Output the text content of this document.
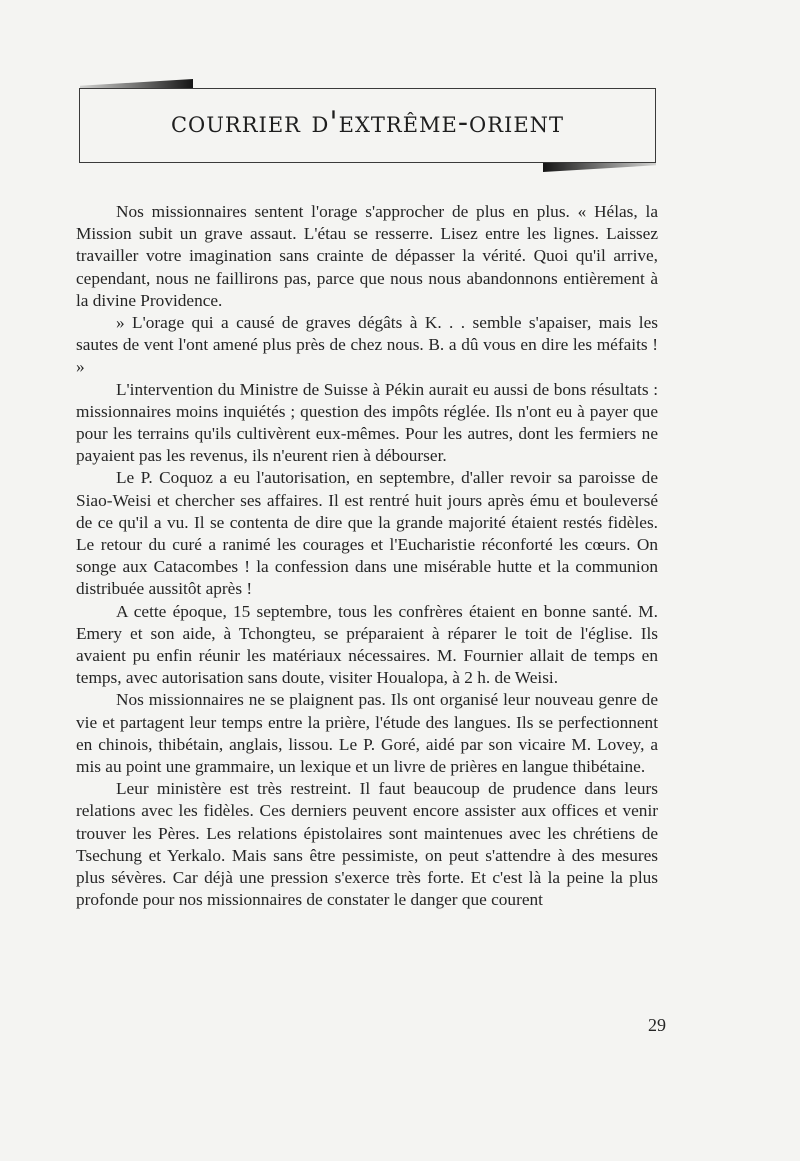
courrier d'extrême-orient

Nos missionnaires sentent l'orage s'approcher de plus en plus. « Hélas, la Mission subit un grave assaut. L'étau se resserre. Lisez entre les lignes. Laissez travailler votre imagination sans crainte de dépasser la vérité. Quoi qu'il arrive, cependant, nous ne faillirons pas, parce que nous nous abandonnons entièrement à la divine Providence.

» L'orage qui a causé de graves dégâts à K. . . semble s'apaiser, mais les sautes de vent l'ont amené plus près de chez nous. B. a dû vous en dire les méfaits ! »

L'intervention du Ministre de Suisse à Pékin aurait eu aussi de bons résultats : missionnaires moins inquiétés ; question des impôts réglée. Ils n'ont eu à payer que pour les terrains qu'ils cultivèrent eux-mêmes. Pour les autres, dont les fermiers ne payaient pas les revenus, ils n'eurent rien à débourser.

Le P. Coquoz a eu l'autorisation, en septembre, d'aller revoir sa paroisse de Siao-Weisi et chercher ses affaires. Il est rentré huit jours après ému et bouleversé de ce qu'il a vu. Il se contenta de dire que la grande majorité étaient restés fidèles. Le retour du curé a ranimé les courages et l'Eucharistie réconforté les cœurs. On songe aux Catacombes ! la confession dans une misérable hutte et la communion distribuée aussitôt après !

A cette époque, 15 septembre, tous les confrères étaient en bonne santé. M. Emery et son aide, à Tchongteu, se préparaient à réparer le toit de l'église. Ils avaient pu enfin réunir les matériaux nécessaires. M. Fournier allait de temps en temps, avec autorisation sans doute, visiter Houalopa, à 2 h. de Weisi.

Nos missionnaires ne se plaignent pas. Ils ont organisé leur nouveau genre de vie et partagent leur temps entre la prière, l'étude des langues. Ils se perfectionnent en chinois, thibétain, anglais, lissou. Le P. Goré, aidé par son vicaire M. Lovey, a mis au point une grammaire, un lexique et un livre de prières en langue thibétaine.

Leur ministère est très restreint. Il faut beaucoup de prudence dans leurs relations avec les fidèles. Ces derniers peuvent encore assister aux offices et venir trouver les Pères. Les relations épistolaires sont maintenues avec les chrétiens de Tsechung et Yerkalo. Mais sans être pessimiste, on peut s'attendre à des mesures plus sévères. Car déjà une pression s'exerce très forte. Et c'est là la peine la plus profonde pour nos missionnaires de constater le danger que courent

29
